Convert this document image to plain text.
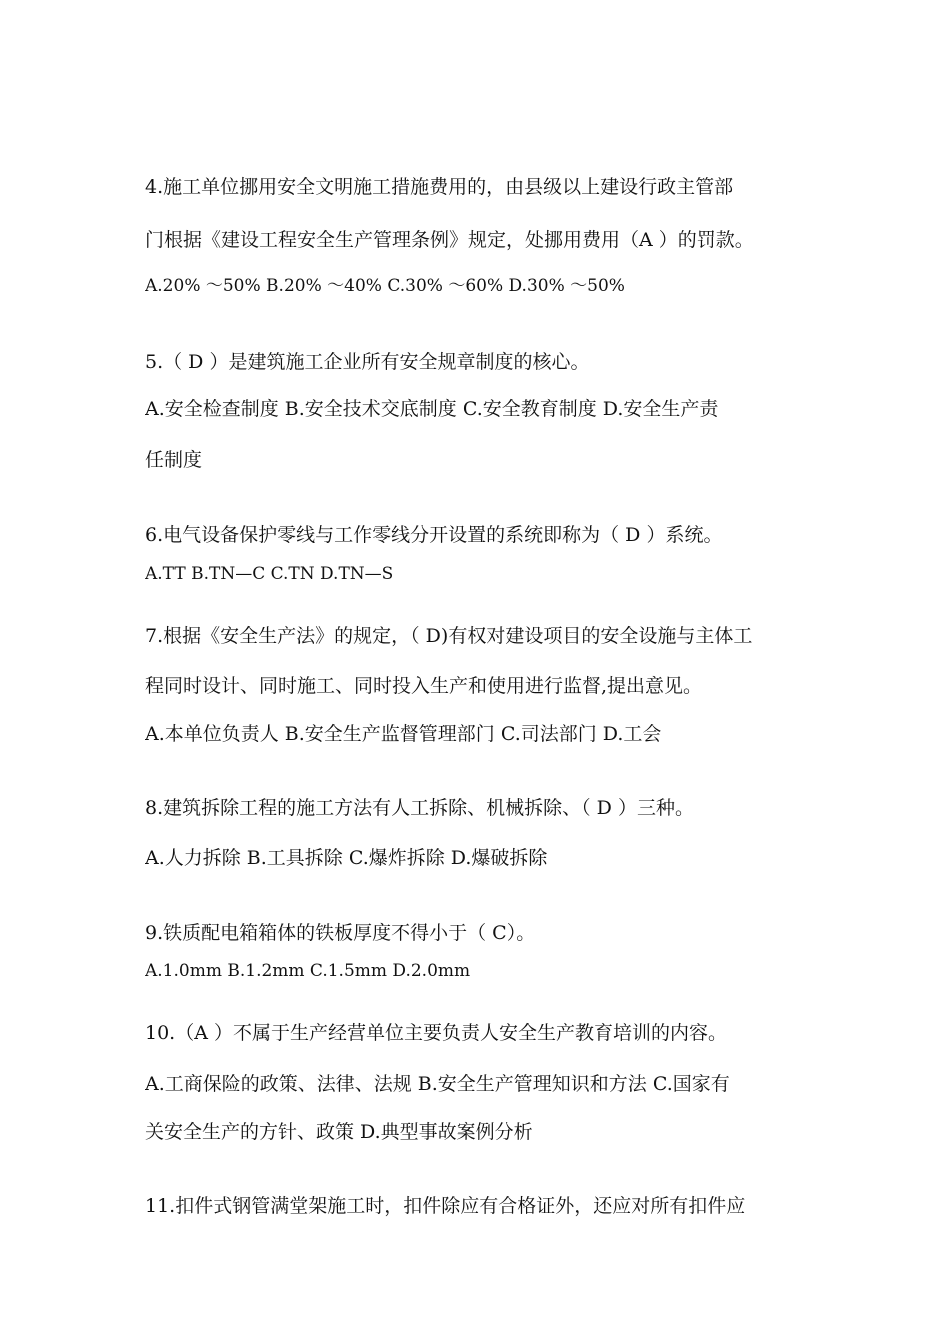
4.施工单位挪用安全文明施工措施费用的，由县级以上建设行政主管部
门根据《建设工程安全生产管理条例》规定，处挪用费用（A ）的罚款。
A.20% ～50% B.20% ～40% C.30% ～60% D.30% ～50%
5.（ D ）是建筑施工企业所有安全规章制度的核心。
A.安全检查制度 B.安全技术交底制度 C.安全教育制度 D.安全生产责
任制度
6.电气设备保护零线与工作零线分开设置的系统即称为（ D ）系统。
A.TT B.TN—C C.TN D.TN—S
7.根据《安全生产法》的规定，（ D)有权对建设项目的安全设施与主体工
程同时设计、同时施工、同时投入生产和使用进行监督,提出意见。
A.本单位负责人 B.安全生产监督管理部门 C.司法部门 D.工会
8.建筑拆除工程的施工方法有人工拆除、机械拆除、（ D ）三种。
A.人力拆除 B.工具拆除 C.爆炸拆除 D.爆破拆除
9.铁质配电箱箱体的铁板厚度不得小于（ C）。
A.1.0mm B.1.2mm C.1.5mm D.2.0mm
10.（A ）不属于生产经营单位主要负责人安全生产教育培训的内容。
A.工商保险的政策、法律、法规 B.安全生产管理知识和方法 C.国家有
关安全生产的方针、政策 D.典型事故案例分析
11.扣件式钢管满堂架施工时，扣件除应有合格证外，还应对所有扣件应
